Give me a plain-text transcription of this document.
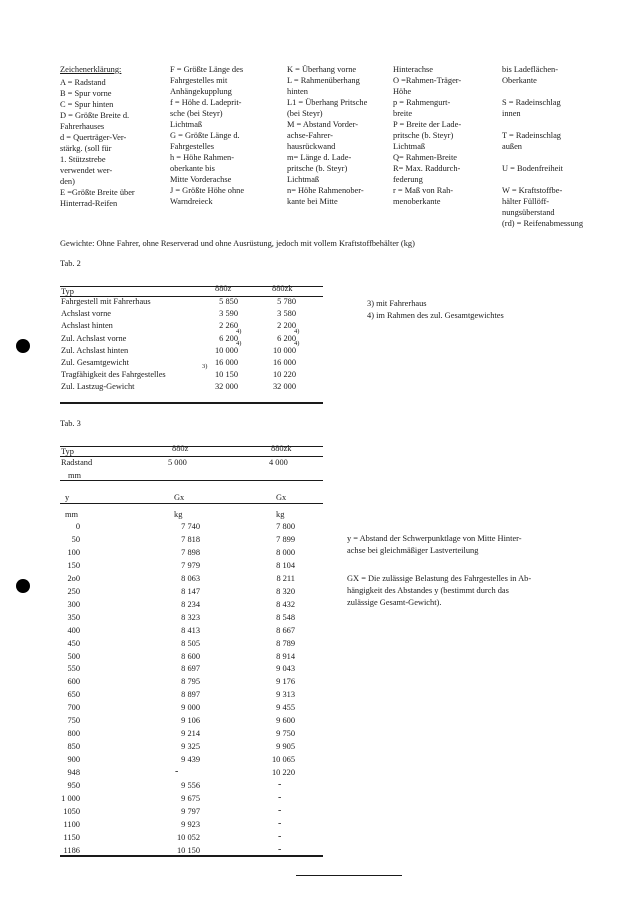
Zeichenerklärung:
A = Radstand
B = Spur vorne
C = Spur hinten
D = Größte Breite d.
Fahrerhauses
d = Querträger-Ver-
stärkg. (soll für
1. Stützstrebe
verwendet wer-
den)
E =Größte Breite über
Hinterrad-Reifen
F = Größte Länge des
Fahrgestelles mit
Anhängekupplung
f = Höhe d. Ladeprit-
sche (bei Steyr)
Lichtmaß
G = Größte Länge d.
Fahrgestelles
h = Höhe Rahmen-
oberkante bis
Mitte Vorderachse
J = Größte Höhe ohne
Warndreieck
K = Überhang vorne
L = Rahmenüberhang
hinten
L1 = Überhang Pritsche
(bei Steyr)
M = Abstand Vorder-
achse-Fahrer-
hausrückwand
m= Länge d. Lade-
pritsche (b. Steyr)
Lichtmaß
n= Höhe Rahmenober-
kante bei Mitte
Hinterachse
O =Rahmen-Träger-
Höhe
p = Rahmengurt-
breite
P = Breite der Lade-
pritsche (b. Steyr)
Lichtmaß
Q= Rahmen-Breite
R= Max. Raddurch-
federung
r = Maß von Rah-
menoberkante
bis Ladeflächen-
Oberkante
S = Radeinschlag
innen
T = Radeinschlag
außen
U = Bodenfreiheit
W = Kraftstoffbe-
hälter Füllöff-
nungsüberstand
(rd) = Reifenabmessung
Gewichte: Ohne Fahrer, ohne Reserverad und ohne Ausrüstung, jedoch mit vollem Kraftstoffbehälter (kg)
Tab. 2
Typ	880z	880zk
Fahrgestell mit Fahrerhaus	5 850	5 780
Achslast vorne	3 590	3 580
Achslast hinten	2 260	2 200
Zul. Achslast vorne	6 200	6 200
4)	4)
Zul. Achslast hinten	10 000	10 000
4)	4)
Zul. Gesamtgewicht	16 000	16 000
Tragfähigkeit des Fahrgestelles	10 150	10 220
3)
Zul. Lastzug-Gewicht	32 000	32 000
3) mit Fahrerhaus
4) im Rahmen des zul. Gesamtgewichtes
Tab. 3
Typ	880z	880zk
Radstand	5 000	4 000
mm
y	Gx	Gx
mm	kg	kg
0	7 740	7 800
50	7 818	7 899
100	7 898	8 000
150	7 979	8 104
2o0	8 063	8 211
250	8 147	8 320
300	8 234	8 432
350	8 323	8 548
400	8 413	8 667
450	8 505	8 789
500	8 600	8 914
550	8 697	9 043
600	8 795	9 176
650	8 897	9 313
700	9 000	9 455
750	9 106	9 600
800	9 214	9 750
850	9 325	9 905
900	9 439	10 065
948	-	10 220
950	9 556	-
1 000	9 675	-
1050	9 797	-
1100	9 923	-
1150	10 052	-
1186	10 150	-
y = Abstand der Schwerpunktlage von Mitte Hinter-
achse bei gleichmäßiger Lastverteilung
GX = Die zulässige Belastung des Fahrgestelles in Ab-
hängigkeit des Abstandes y (bestimmt durch das
zulässige Gesamt-Gewicht).
